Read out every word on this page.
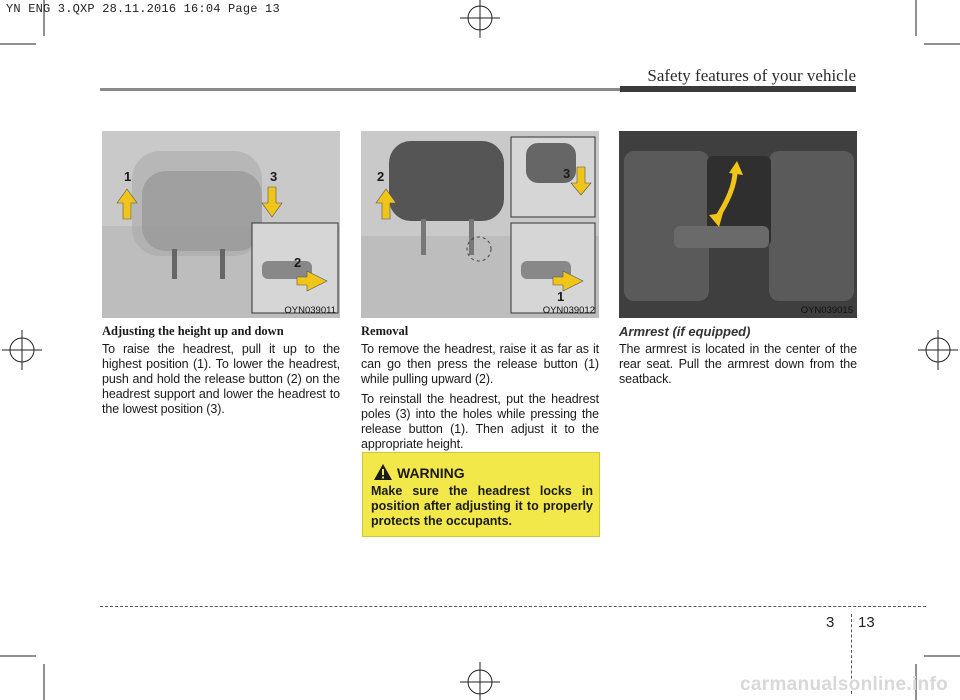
YN ENG 3.QXP 28.11.2016 16:04 Page 13
Safety features of your vehicle
1	3
2
OYN039011
2	3
1
OYN039012	OYN039015

Adjusting the height up and down

To raise the headrest, pull it up to the highest position (1). To lower the headrest, push and hold the release button (2) on the headrest support and lower the headrest to the lowest position (3).

Removal

To remove the headrest, raise it as far as it can go then press the release button (1) while pulling upward (2).

To reinstall the headrest, put the headrest poles (3) into the holes while pressing the release button (1). Then adjust it to the appropriate height.

Armrest (if equipped)

The armrest is located in the center of the rear seat. Pull the armrest down from the seatback.

WARNING
Make sure the headrest locks in position after adjusting it to properly protects the occupants.
3 13
carmanualsonline.info
